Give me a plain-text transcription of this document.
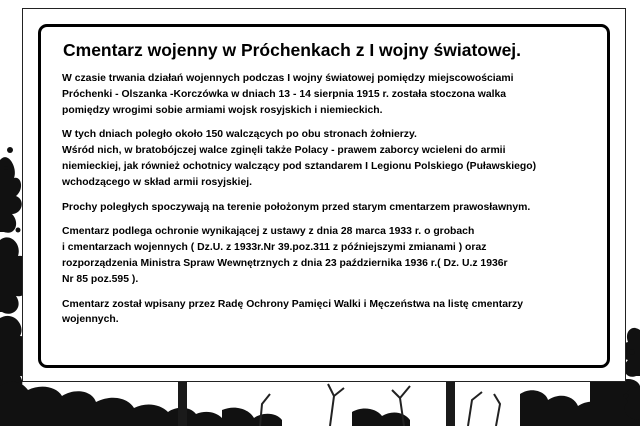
Cmentarz wojenny w Próchenkach z I wojny światowej.
W czasie trwania działań wojennych podczas I wojny światowej pomiędzy miejscowościami
Próchenki - Olszanka -Korczówka w dniach 13 - 14 sierpnia 1915 r. została stoczona walka
pomiędzy wrogimi sobie armiami wojsk rosyjskich i niemieckich.
W tych dniach poległo około 150 walczących po obu stronach żołnierzy.
Wśród nich, w bratobójczej walce zginęli także Polacy - prawem zaborcy wcieleni do armii
niemieckiej, jak również ochotnicy walczący pod sztandarem I Legionu Polskiego (Puławskiego)
wchodzącego w skład armii rosyjskiej.
Prochy poległych spoczywają na terenie położonym przed starym cmentarzem prawosławnym.
Cmentarz podlega ochronie wynikającej z ustawy z dnia 28 marca 1933 r. o grobach
i cmentarzach wojennych ( Dz.U. z 1933r.Nr 39.poz.311 z późniejszymi zmianami ) oraz
rozporządzenia Ministra Spraw Wewnętrznych z dnia 23 października 1936 r.( Dz. U.z 1936r
Nr 85 poz.595 ).
Cmentarz został wpisany przez Radę Ochrony Pamięci Walki i Męczeństwa na listę cmentarzy
wojennych.
